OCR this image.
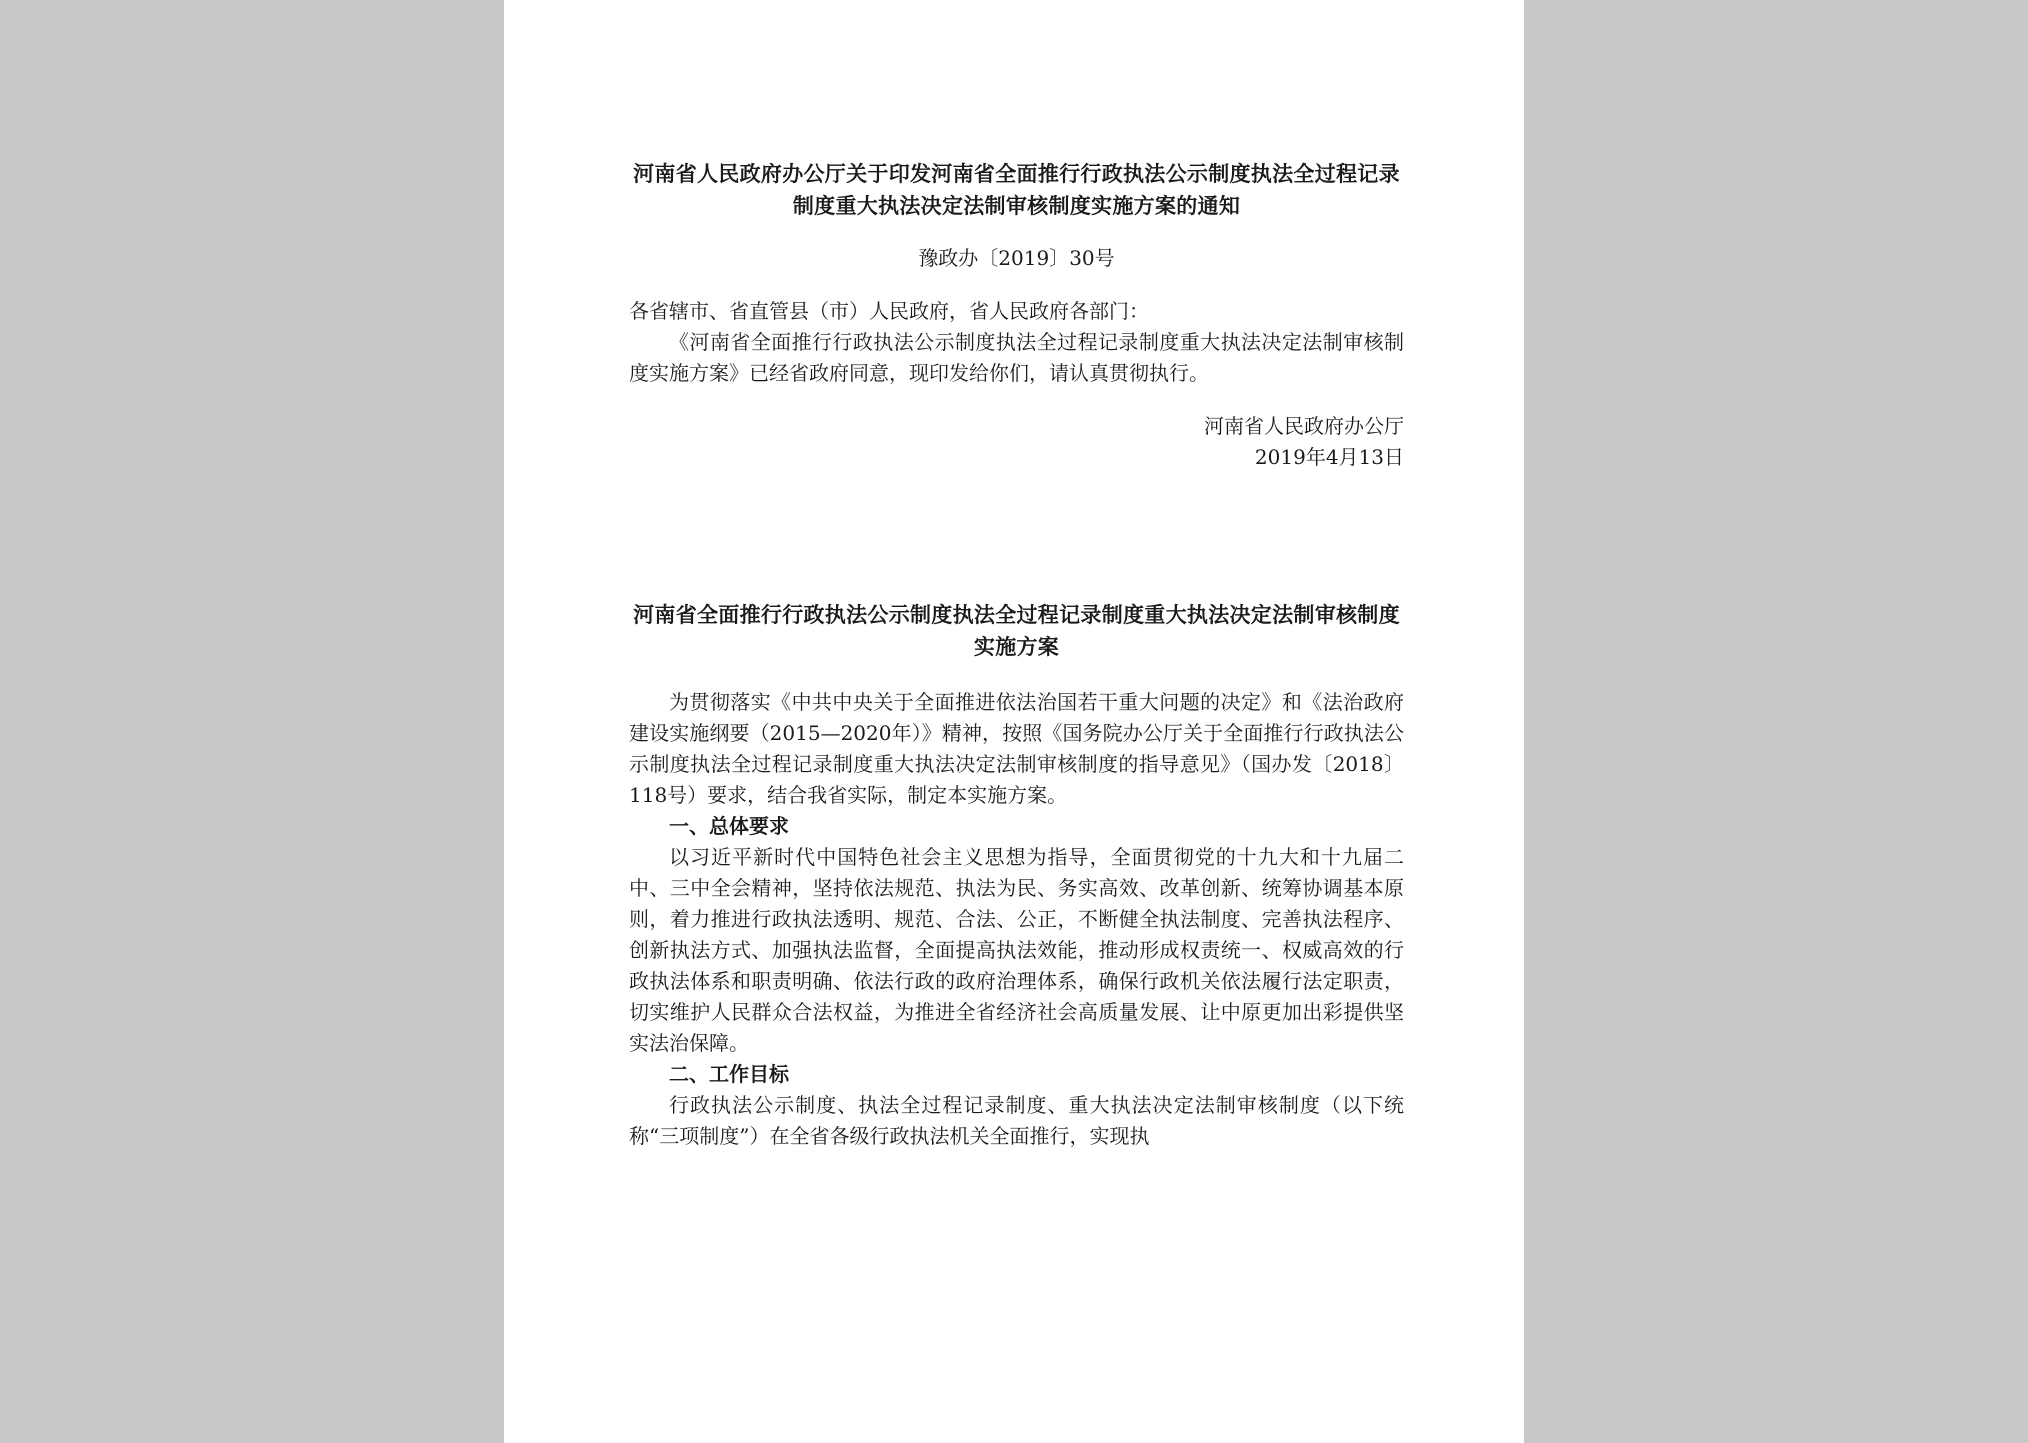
河南省人民政府办公厅关于印发河南省全面推行行政执法公示制度执法全过程记录制度重大执法决定法制审核制度实施方案的通知

豫政办〔2019〕30号

各省辖市、省直管县（市）人民政府，省人民政府各部门：

《河南省全面推行行政执法公示制度执法全过程记录制度重大执法决定法制审核制度实施方案》已经省政府同意，现印发给你们，请认真贯彻执行。

河南省人民政府办公厅
2019年4月13日

河南省全面推行行政执法公示制度执法全过程记录制度重大执法决定法制审核制度实施方案

为贯彻落实《中共中央关于全面推进依法治国若干重大问题的决定》和《法治政府建设实施纲要（2015—2020年）》精神，按照《国务院办公厅关于全面推行行政执法公示制度执法全过程记录制度重大执法决定法制审核制度的指导意见》（国办发〔2018〕118号）要求，结合我省实际，制定本实施方案。

一、总体要求

以习近平新时代中国特色社会主义思想为指导，全面贯彻党的十九大和十九届二中、三中全会精神，坚持依法规范、执法为民、务实高效、改革创新、统筹协调基本原则，着力推进行政执法透明、规范、合法、公正，不断健全执法制度、完善执法程序、创新执法方式、加强执法监督，全面提高执法效能，推动形成权责统一、权威高效的行政执法体系和职责明确、依法行政的政府治理体系，确保行政机关依法履行法定职责，切实维护人民群众合法权益，为推进全省经济社会高质量发展、让中原更加出彩提供坚实法治保障。

二、工作目标

行政执法公示制度、执法全过程记录制度、重大执法决定法制审核制度（以下统称“三项制度”）在全省各级行政执法机关全面推行，实现执
